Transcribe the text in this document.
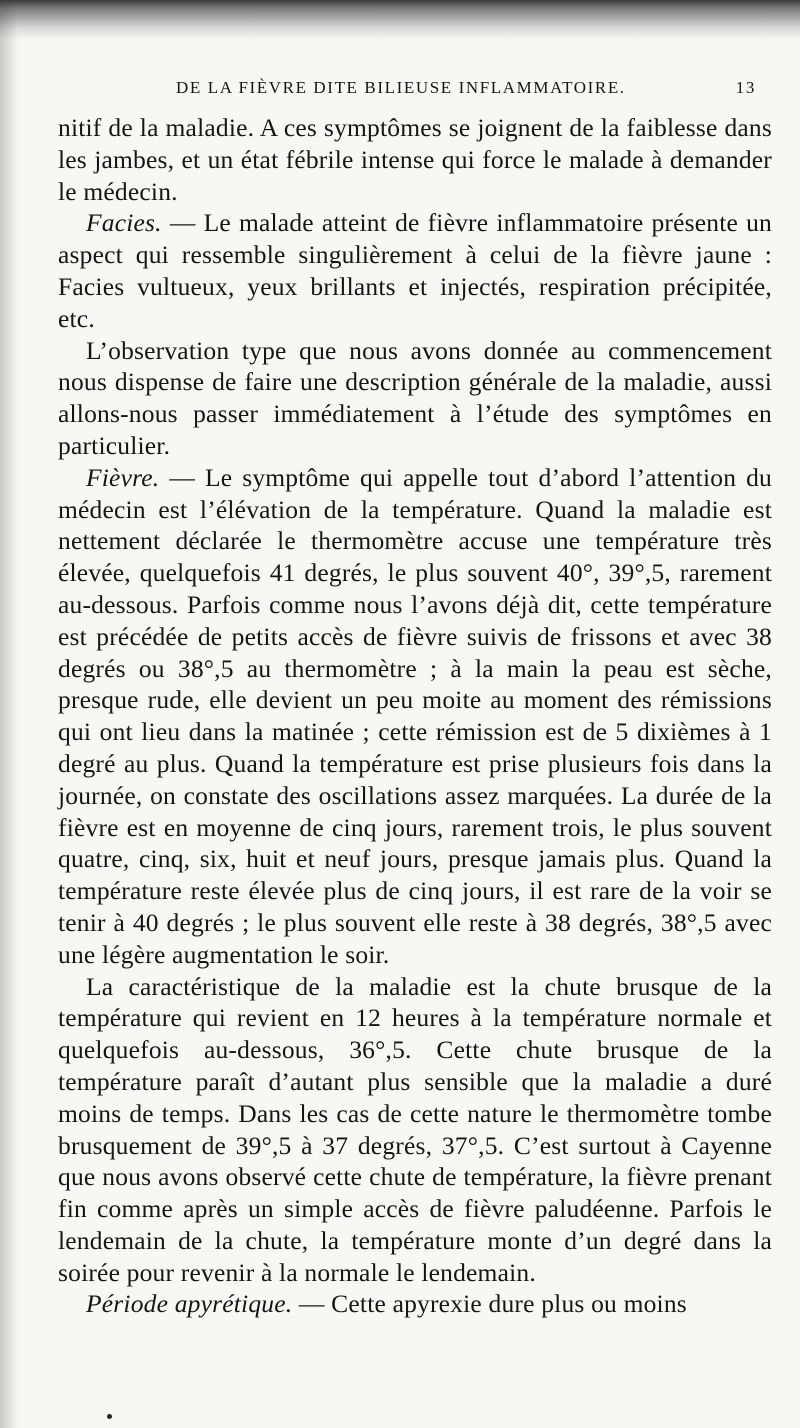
DE LA FIÈVRE DITE BILIEUSE INFLAMMATOIRE.	13

nitif de la maladie. A ces symptômes se joignent de la faiblesse dans les jambes, et un état fébrile intense qui force le malade à demander le médecin.

Facies. — Le malade atteint de fièvre inflammatoire présente un aspect qui ressemble singulièrement à celui de la fièvre jaune : Facies vultueux, yeux brillants et injectés, respiration précipitée, etc.

L’observation type que nous avons donnée au commencement nous dispense de faire une description générale de la maladie, aussi allons-nous passer immédiatement à l’étude des symptômes en particulier.

Fièvre. — Le symptôme qui appelle tout d’abord l’attention du médecin est l’élévation de la température. Quand la maladie est nettement déclarée le thermomètre accuse une température très élevée, quelquefois 41 degrés, le plus souvent 40°, 39°,5, rarement au-dessous. Parfois comme nous l’avons déjà dit, cette température est précédée de petits accès de fièvre suivis de frissons et avec 38 degrés ou 38°,5 au thermomètre ; à la main la peau est sèche, presque rude, elle devient un peu moite au moment des rémissions qui ont lieu dans la matinée ; cette rémission est de 5 dixièmes à 1 degré au plus. Quand la température est prise plusieurs fois dans la journée, on constate des oscillations assez marquées. La durée de la fièvre est en moyenne de cinq jours, rarement trois, le plus souvent quatre, cinq, six, huit et neuf jours, presque jamais plus. Quand la température reste élevée plus de cinq jours, il est rare de la voir se tenir à 40 degrés ; le plus souvent elle reste à 38 degrés, 38°,5 avec une légère augmentation le soir.

La caractéristique de la maladie est la chute brusque de la température qui revient en 12 heures à la température normale et quelquefois au-dessous, 36°,5. Cette chute brusque de la température paraît d’autant plus sensible que la maladie a duré moins de temps. Dans les cas de cette nature le thermomètre tombe brusquement de 39°,5 à 37 degrés, 37°,5. C’est surtout à Cayenne que nous avons observé cette chute de température, la fièvre prenant fin comme après un simple accès de fièvre paludéenne. Parfois le lendemain de la chute, la température monte d’un degré dans la soirée pour revenir à la normale le lendemain.

Période apyrétique. — Cette apyrexie dure plus ou moins
